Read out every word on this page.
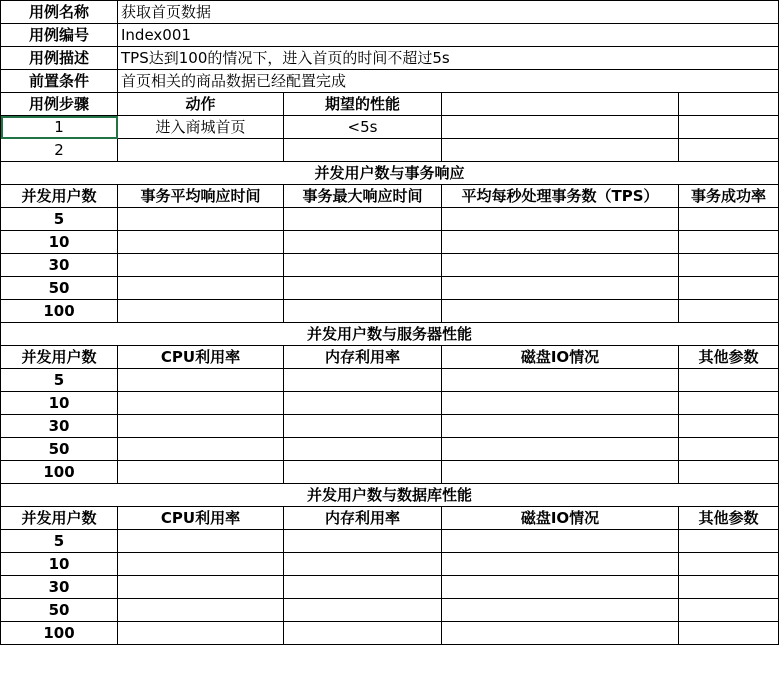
用例名称	获取首页数据			
用例编号	Index001			
用例描述	TPS达到100的情况下，进入首页的时间不超过5s			
前置条件	首页相关的商品数据已经配置完成			
用例步骤	动作	期望的性能		
1	进入商城首页	<5s		
2				
并发用户数与事务响应				
并发用户数	事务平均响应时间	事务最大响应时间	平均每秒处理事务数（TPS）	事务成功率
5				
10				
30				
50				
100				
并发用户数与服务器性能				
并发用户数	CPU利用率	内存利用率	磁盘IO情况	其他参数
5				
10				
30				
50				
100				
并发用户数与数据库性能				
并发用户数	CPU利用率	内存利用率	磁盘IO情况	其他参数
5				
10				
30				
50				
100				
